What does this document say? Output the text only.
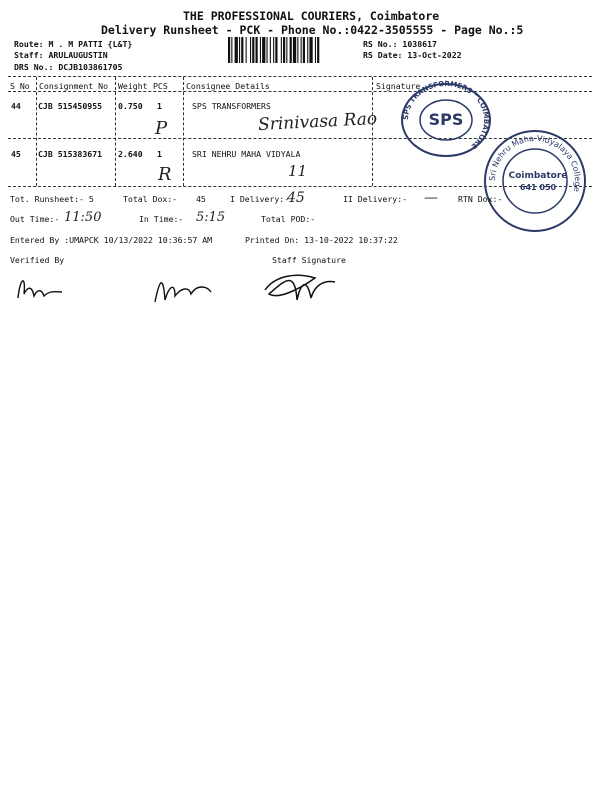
THE PROFESSIONAL COURIERS, Coimbatore
Delivery Runsheet - PCK - Phone No.:0422-3505555 - Page No.:5
Route: M . M PATTI {L&T}
Staff: ARULAUGUSTIN
DRS No.: DCJB103861705
RS No.: 1038617
RS Date: 13-Oct-2022
S No Consignment No Weight PCS Consignee Details	Signature
44 CJB 515450955 0.750 1	SPS TRANSFORMERS
Srinivasa Rao
P
45 CJB 515383671 2.640 1	SRI NEHRU MAHA VIDYALA
11
R
SPS TRANSFORMERS * COIMBATORE
SPS
Sri Nehru Maha Vidyalaya College
Coimbatore
641 050
Tot. Runsheet:- 5	Total Dox:- 45	I Delivery:-
45	II Delivery:- — RTN Dox:-
Out Time:- 11:50	In Time:- 5:15	Total POD:-
Entered By :UMAPCK 10/13/2022 10:36:57 AM	Printed On: 13-10-2022 10:37:22
Verified By	Staff Signature
